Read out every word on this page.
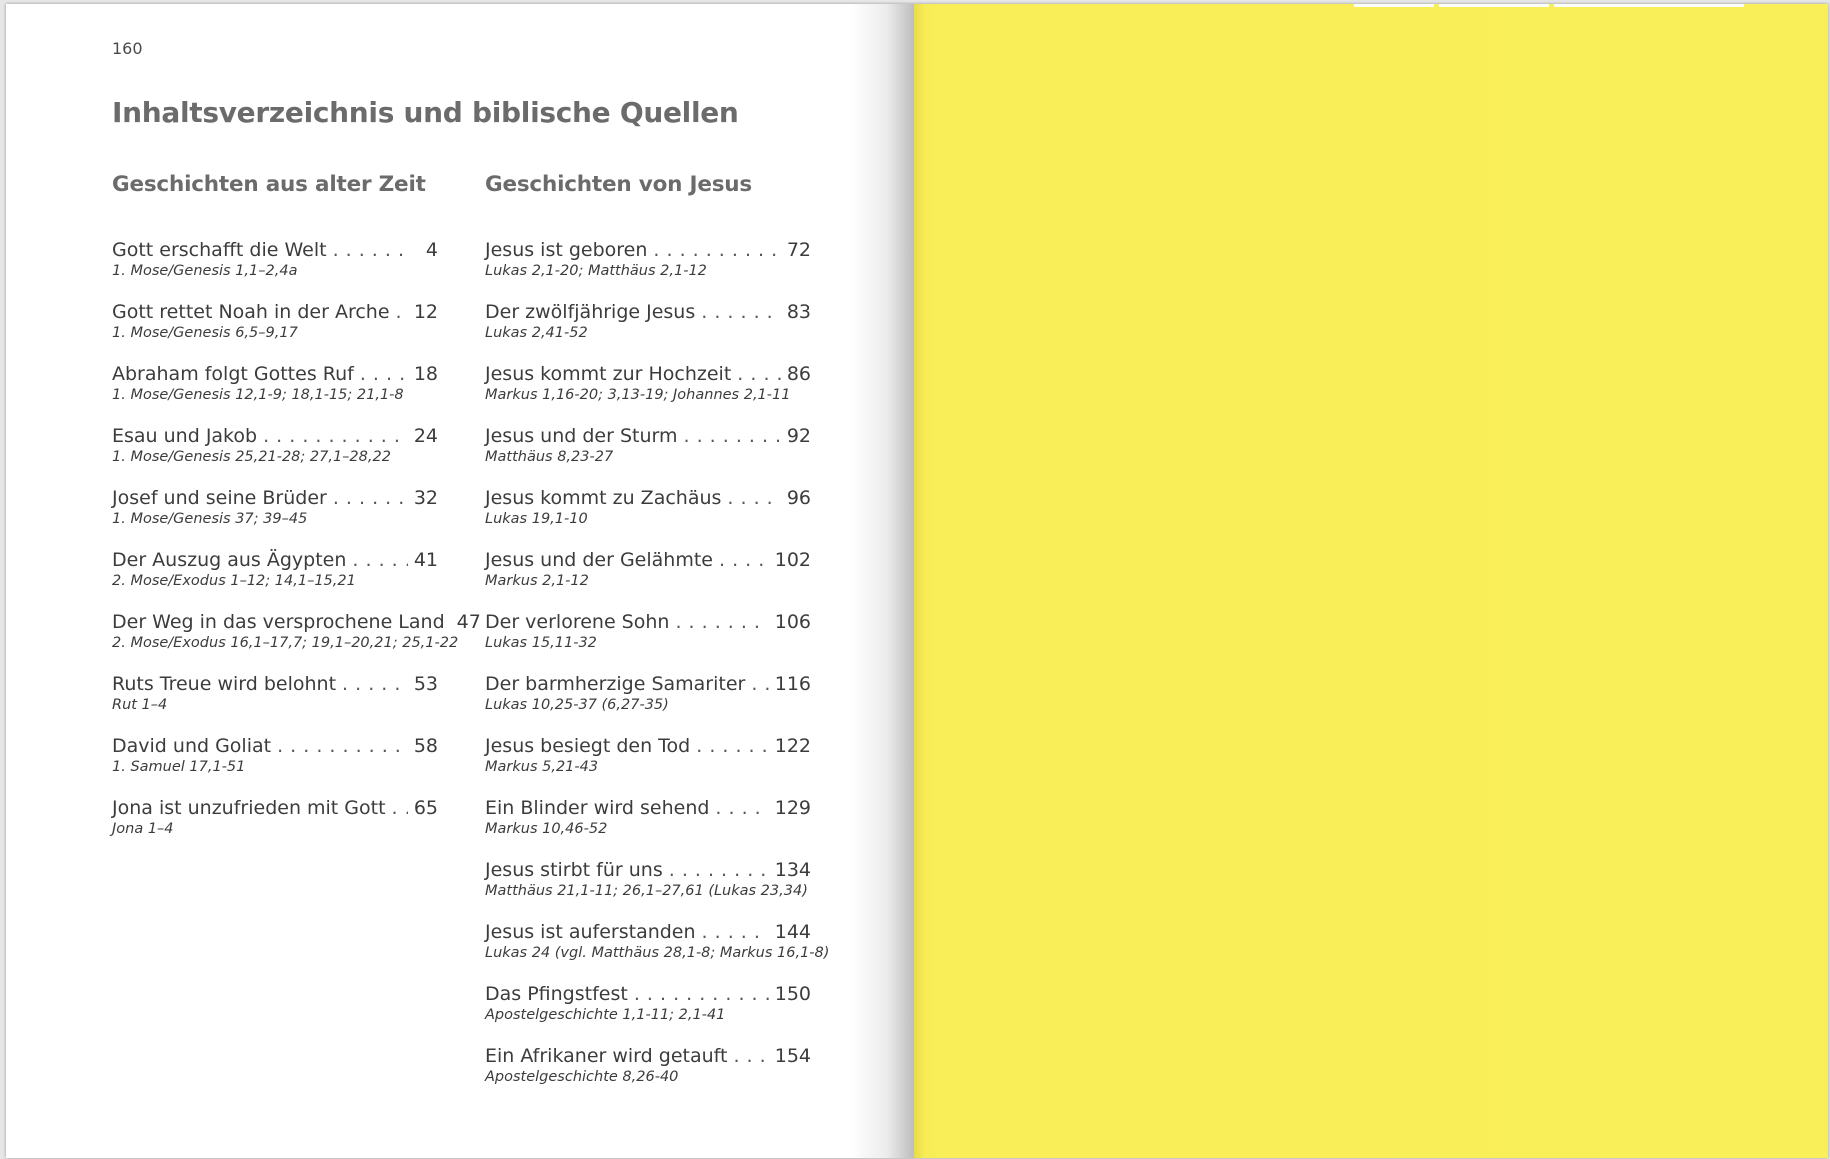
160
Inhaltsverzeichnis und biblische Quellen
Geschichten aus alter Zeit
Gott erschafft die Welt . . .	4
1. Mose/Genesis 1,1–2,4a
Gott rettet Noah in der Arche . . . 12
1. Mose/Genesis 6,5–9,17
Abraham folgt Gottes Ruf . . .	18
1. Mose/Genesis 12,1-9; 18,1-15; 21,1-8
Esau und Jakob . . .	24
1. Mose/Genesis 25,21-28; 27,1–28,22
Josef und seine Brüder . . .	32
1. Mose/Genesis 37; 39–45
Der Auszug aus Ägypten . . .	41
2. Mose/Exodus 1–12; 14,1–15,21
Der Weg in das versprochene Land 47
2. Mose/Exodus 16,1–17,7; 19,1–20,21; 25,1-22
Ruts Treue wird belohnt . . .	53
Rut 1–4
David und Goliat . . .	58
1. Samuel 17,1-51
Jona ist unzufrieden mit Gott . . . 65
Jona 1–4
Geschichten von Jesus
Jesus ist geboren . . .	72
Lukas 2,1-20; Matthäus 2,1-12
Der zwölfjährige Jesus . . .	83
Lukas 2,41-52
Jesus kommt zur Hochzeit . . .	86
Markus 1,16-20; 3,13-19; Johannes 2,1-11
Jesus und der Sturm . . .	92
Matthäus 8,23-27
Jesus kommt zu Zachäus . . .	96
Lukas 19,1-10
Jesus und der Gelähmte . . .	102
Markus 2,1-12
Der verlorene Sohn . . .	106
Lukas 15,11-32
Der barmherzige Samariter . . . 116
Lukas 10,25-37 (6,27-35)
Jesus besiegt den Tod . . .	122
Markus 5,21-43
Ein Blinder wird sehend . . .	129
Markus 10,46-52
Jesus stirbt für uns . . .	134
Matthäus 21,1-11; 26,1–27,61 (Lukas 23,34)
Jesus ist auferstanden . . .	144
Lukas 24 (vgl. Matthäus 28,1-8; Markus 16,1-8)
Das Pfingstfest . . .	150
Apostelgeschichte 1,1-11; 2,1-41
Ein Afrikaner wird getauft . . . 154
Apostelgeschichte 8,26-40
